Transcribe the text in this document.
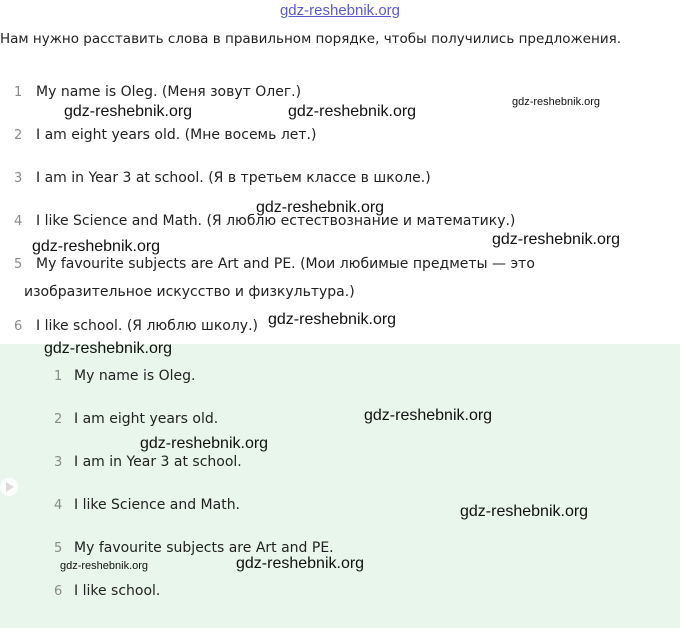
gdz-reshebnik.org
Нам нужно расставить слова в правильном порядке, чтобы получились предложения.
1 My name is Oleg. (Меня зовут Олег.)
2 I am eight years old. (Мне восемь лет.)
3 I am in Year 3 at school. (Я в третьем классе в школе.)
4 I like Science and Math. (Я люблю естествознание и математику.)
5 My favourite subjects are Art and PE. (Мои любимые предметы — это
изобразительное искусство и физкультура.)
6 I like school. (Я люблю школу.)
1 My name is Oleg.
2 I am eight years old.
3 I am in Year 3 at school.
4 I like Science and Math.
5 My favourite subjects are Art and PE.
6 I like school.
gdz-reshebnik.org	gdz-reshebnik.org
gdz-reshebnik.org
gdz-reshebnik.org
gdz-reshebnik.org	gdz-reshebnik.org
gdz-reshebnik.org
gdz-reshebnik.org
gdz-reshebnik.org
gdz-reshebnik.org
gdz-reshebnik.org
gdz-reshebnik.org	gdz-reshebnik.org
